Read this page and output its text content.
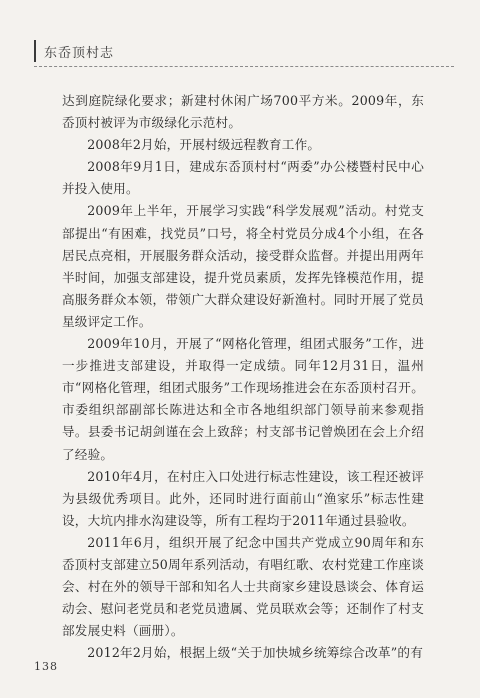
东岙顶村志

达到庭院绿化要求；新建村休闲广场700平方米。2009年，东岙顶村被评为市级绿化示范村。

2008年2月始，开展村级远程教育工作。

2008年9月1日，建成东岙顶村村“两委”办公楼暨村民中心并投入使用。

2009年上半年，开展学习实践“科学发展观”活动。村党支部提出“有困难，找党员”口号，将全村党员分成4个小组，在各居民点亮相，开展服务群众活动，接受群众监督。并提出用两年半时间，加强支部建设，提升党员素质，发挥先锋模范作用，提高服务群众本领，带领广大群众建设好新渔村。同时开展了党员星级评定工作。

2009年10月，开展了“网格化管理，组团式服务”工作，进一步推进支部建设，并取得一定成绩。同年12月31日，温州市“网格化管理，组团式服务”工作现场推进会在东岙顶村召开。市委组织部副部长陈进达和全市各地组织部门领导前来参观指导。县委书记胡剑谨在会上致辞；村支部书记曾焕团在会上介绍了经验。

2010年4月，在村庄入口处进行标志性建设，该工程还被评为县级优秀项目。此外，还同时进行面前山“渔家乐”标志性建设，大坑内排水沟建设等，所有工程均于2011年通过县验收。

2011年6月，组织开展了纪念中国共产党成立90周年和东岙顶村支部建立50周年系列活动，有唱红歌、农村党建工作座谈会、村在外的领导干部和知名人士共商家乡建设恳谈会、体育运动会、慰问老党员和老党员遗属、党员联欢会等；还制作了村支部发展史料（画册）。

2012年2月始，根据上级“关于加快城乡统筹综合改革”的有

138
